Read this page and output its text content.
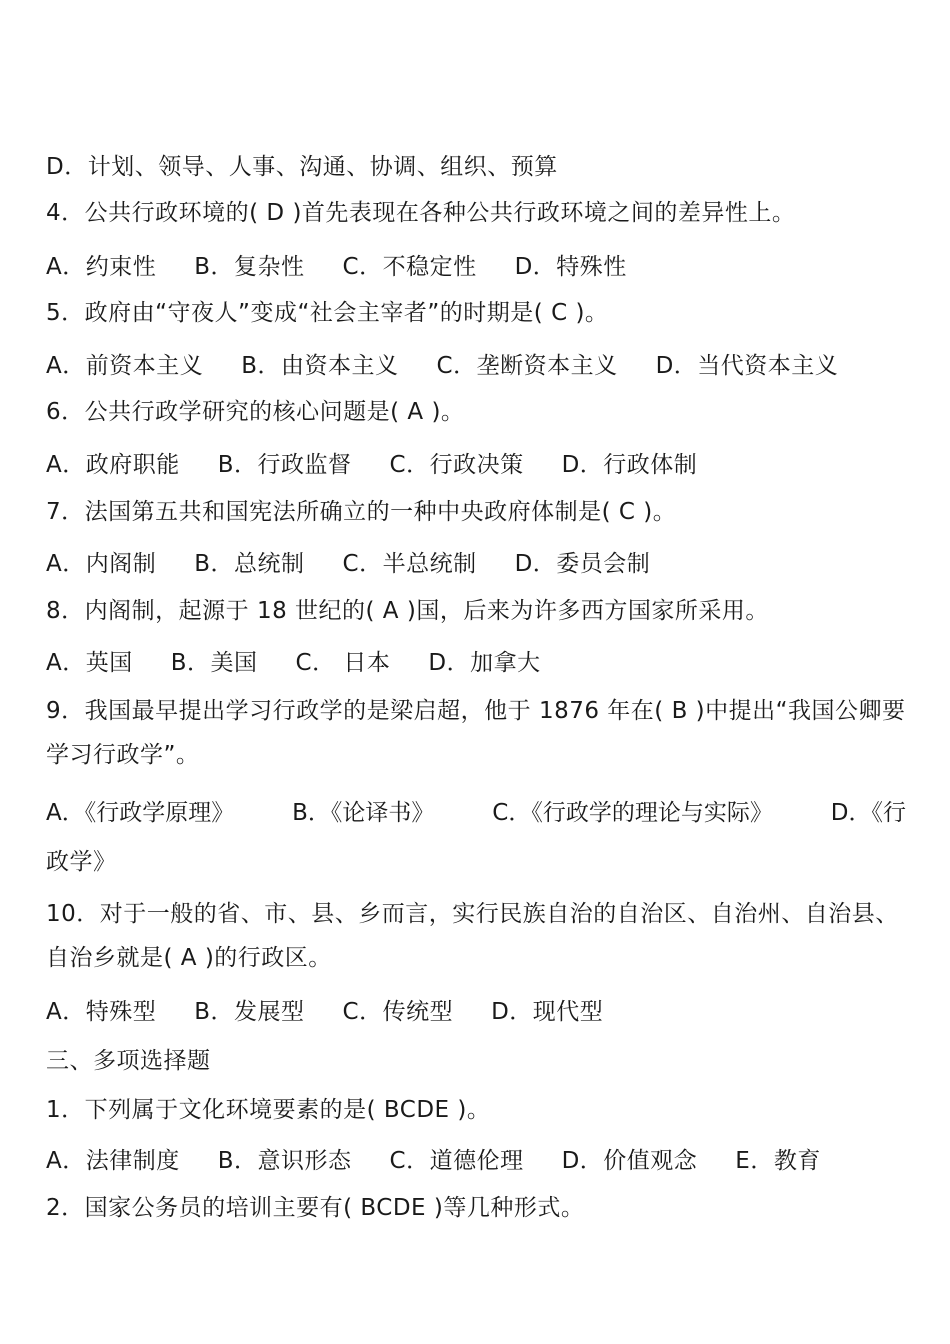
D．计划、领导、人事、沟通、协调、组织、预算
4．公共行政环境的( D )首先表现在各种公共行政环境之间的差异性上。
A．约束性 B．复杂性 C．不稳定性 D．特殊性
5．政府由“守夜人”变成“社会主宰者”的时期是( C )。
A．前资本主义 B．由资本主义 C．垄断资本主义 D．当代资本主义
6．公共行政学研究的核心问题是( A )。
A．政府职能 B．行政监督 C．行政决策 D．行政体制
7．法国第五共和国宪法所确立的一种中央政府体制是( C )。
A．内阁制 B．总统制 C．半总统制 D．委员会制
8．内阁制，起源于 18 世纪的( A )国，后来为许多西方国家所采用。
A．英国 B．美国 C． 日本 D．加拿大
9．我国最早提出学习行政学的是梁启超，他于 1876 年在( B )中提出“我国公卿要学习行政学”。
A．《行政学原理》	B．《论译书》	C．《行政学的理论与实际》	D．《行
政学》
10．对于一般的省、市、县、乡而言，实行民族自治的自治区、自治州、自治县、 自治乡就是( A )的行政区。
A．特殊型 B．发展型 C．传统型 D．现代型
三、多项选择题
1．下列属于文化环境要素的是( BCDE )。
A．法律制度 B．意识形态 C．道德伦理 D．价值观念 E．教育
2．国家公务员的培训主要有( BCDE )等几种形式。
